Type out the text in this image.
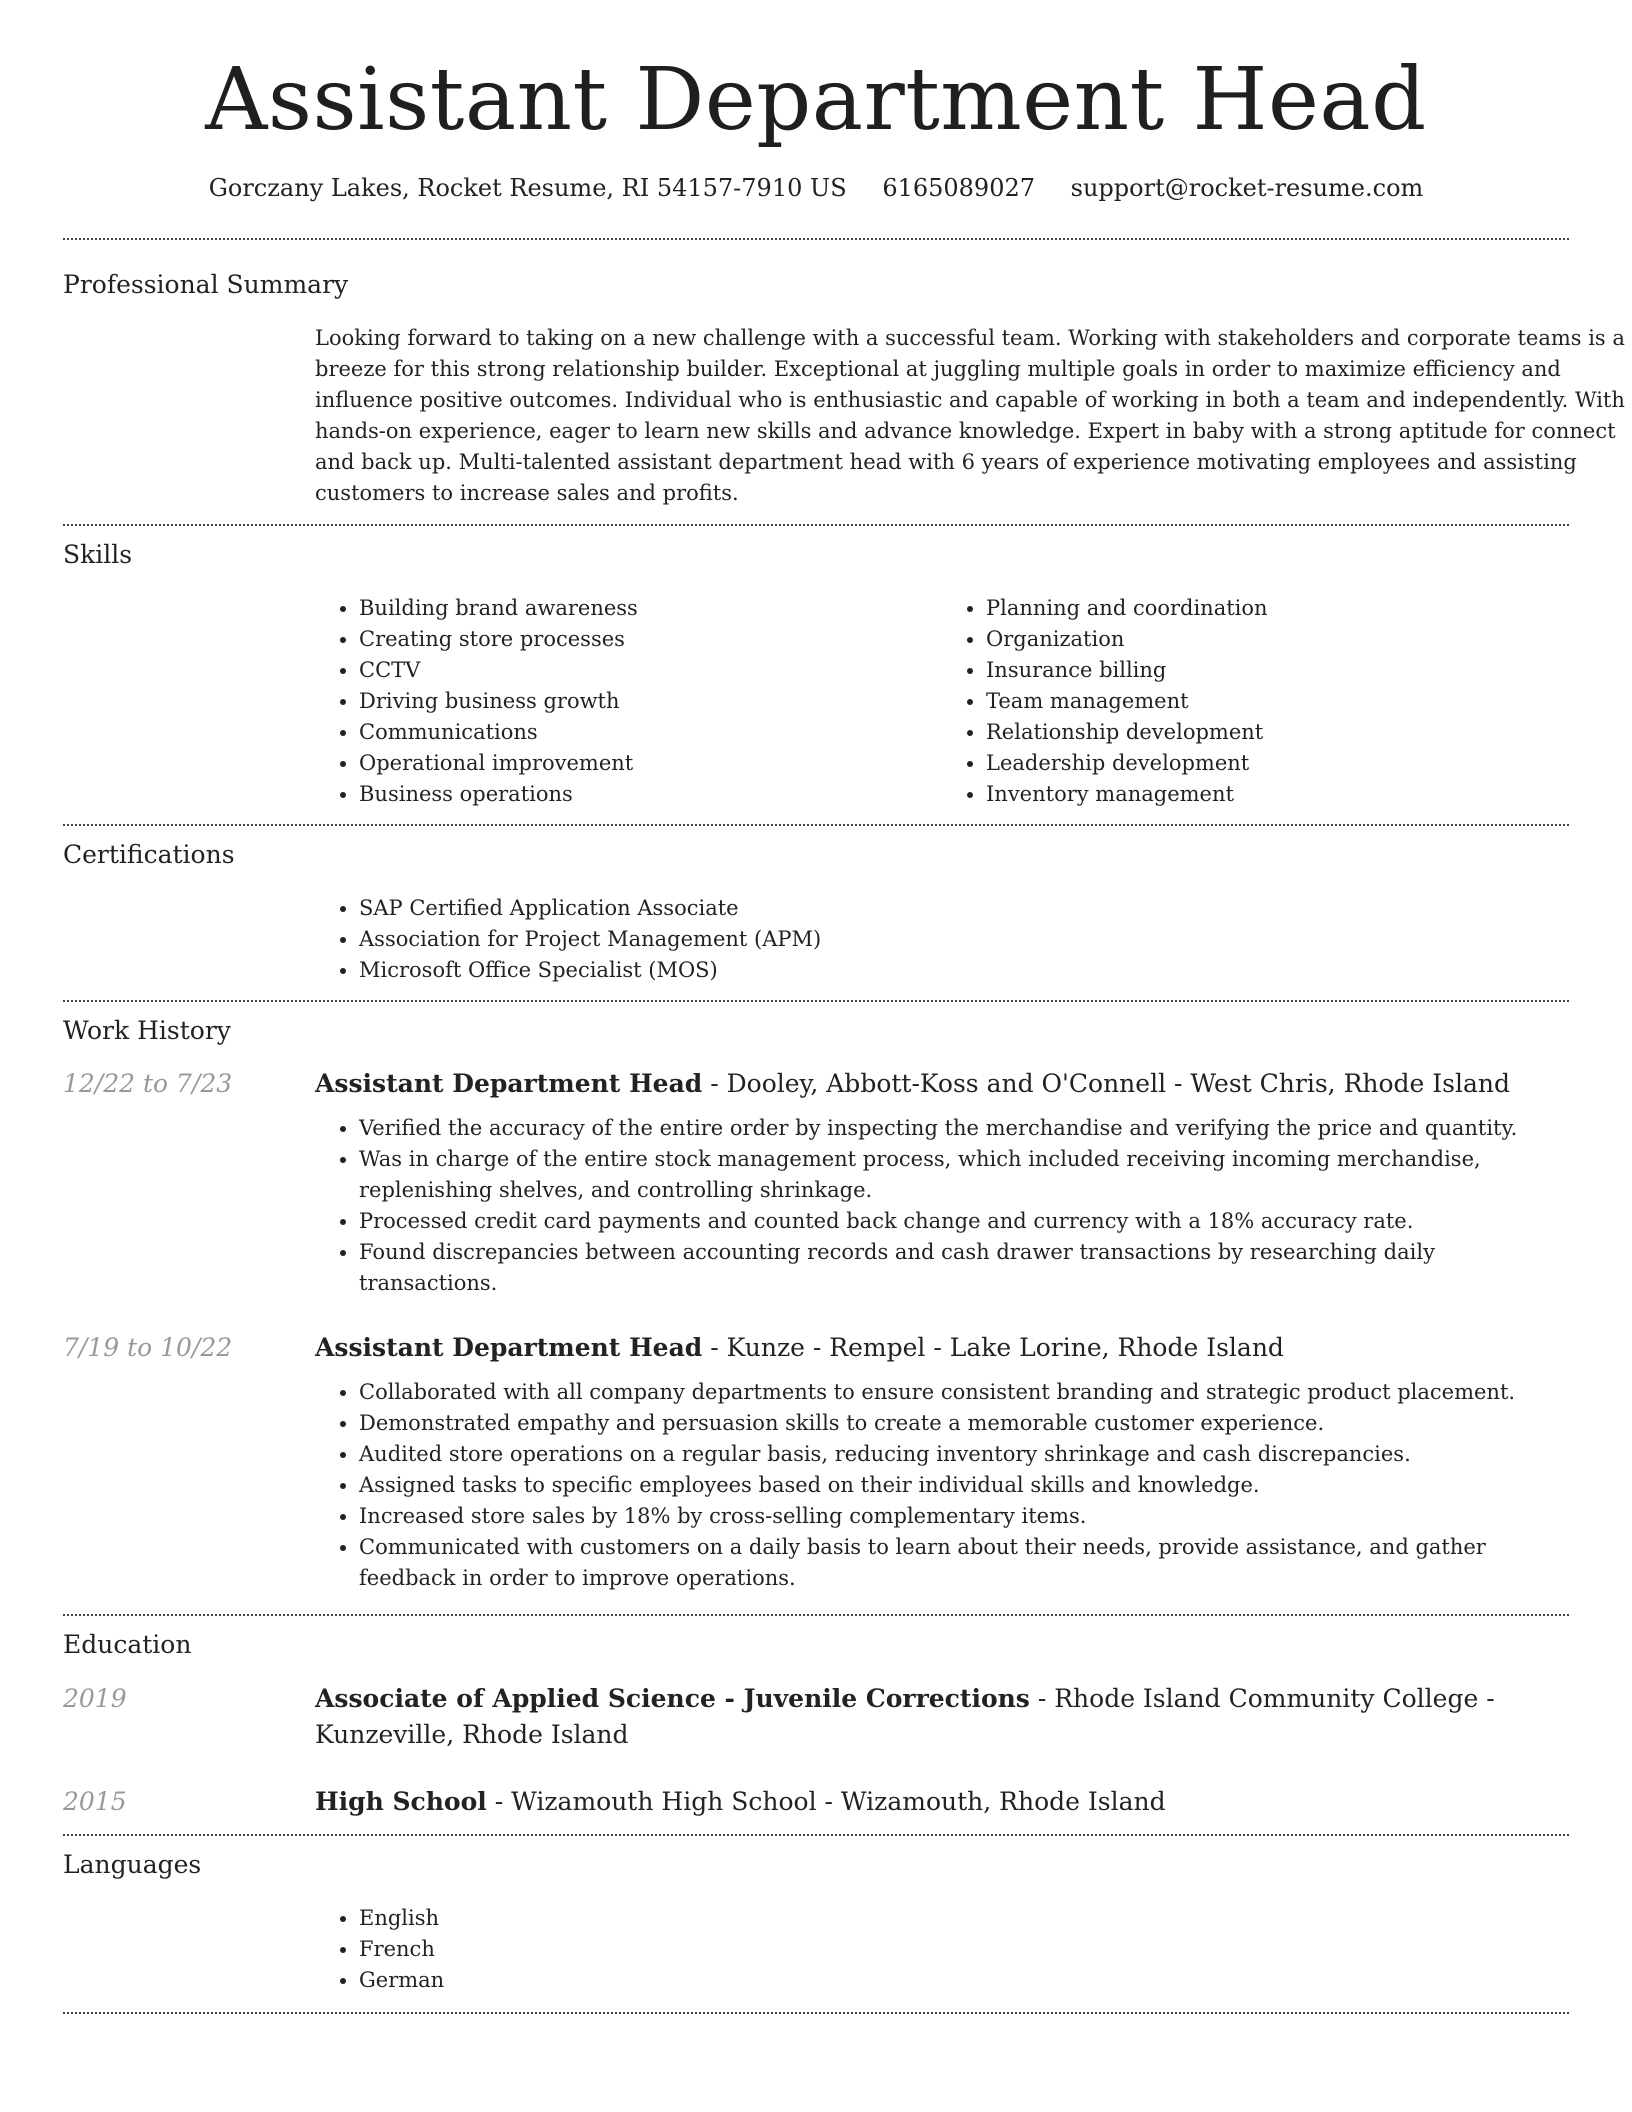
Assistant Department Head
Gorczany Lakes, Rocket Resume, RI 54157-7910 US 6165089027 support@rocket-resume.com
Professional Summary

Looking forward to taking on a new challenge with a successful team. Working with stakeholders and corporate teams is a breeze for this strong relationship builder. Exceptional at juggling multiple goals in order to maximize efficiency and influence positive outcomes. Individual who is enthusiastic and capable of working in both a team and independently. With hands-on experience, eager to learn new skills and advance knowledge. Expert in baby with a strong aptitude for connect and back up. Multi-talented assistant department head with 6 years of experience motivating employees and assisting customers to increase sales and profits.

Skills
• Building brand awareness
• Creating store processes
• CCTV
• Driving business growth
• Communications
• Operational improvement
• Business operations
• Planning and coordination
• Organization
• Insurance billing
• Team management
• Relationship development
• Leadership development
• Inventory management
Certifications
• SAP Certified Application Associate
• Association for Project Management (APM)
• Microsoft Office Specialist (MOS)
Work History
12/22 to 7/23	Assistant Department Head - Dooley, Abbott-Koss and O'Connell - West Chris, Rhode Island
• Verified the accuracy of the entire order by inspecting the merchandise and verifying the price and quantity.
• Was in charge of the entire stock management process, which included receiving incoming merchandise, replenishing shelves, and controlling shrinkage.
• Processed credit card payments and counted back change and currency with a 18% accuracy rate.
• Found discrepancies between accounting records and cash drawer transactions by researching daily transactions.
7/19 to 10/22	Assistant Department Head - Kunze - Rempel - Lake Lorine, Rhode Island
• Collaborated with all company departments to ensure consistent branding and strategic product placement.
• Demonstrated empathy and persuasion skills to create a memorable customer experience.
• Audited store operations on a regular basis, reducing inventory shrinkage and cash discrepancies.
• Assigned tasks to specific employees based on their individual skills and knowledge.
• Increased store sales by 18% by cross-selling complementary items.
• Communicated with customers on a daily basis to learn about their needs, provide assistance, and gather feedback in order to improve operations.
Education
2019	Associate of Applied Science - Juvenile Corrections - Rhode Island Community College - Kunzeville, Rhode Island
2015	High School - Wizamouth High School - Wizamouth, Rhode Island
Languages
• English
• French
• German
